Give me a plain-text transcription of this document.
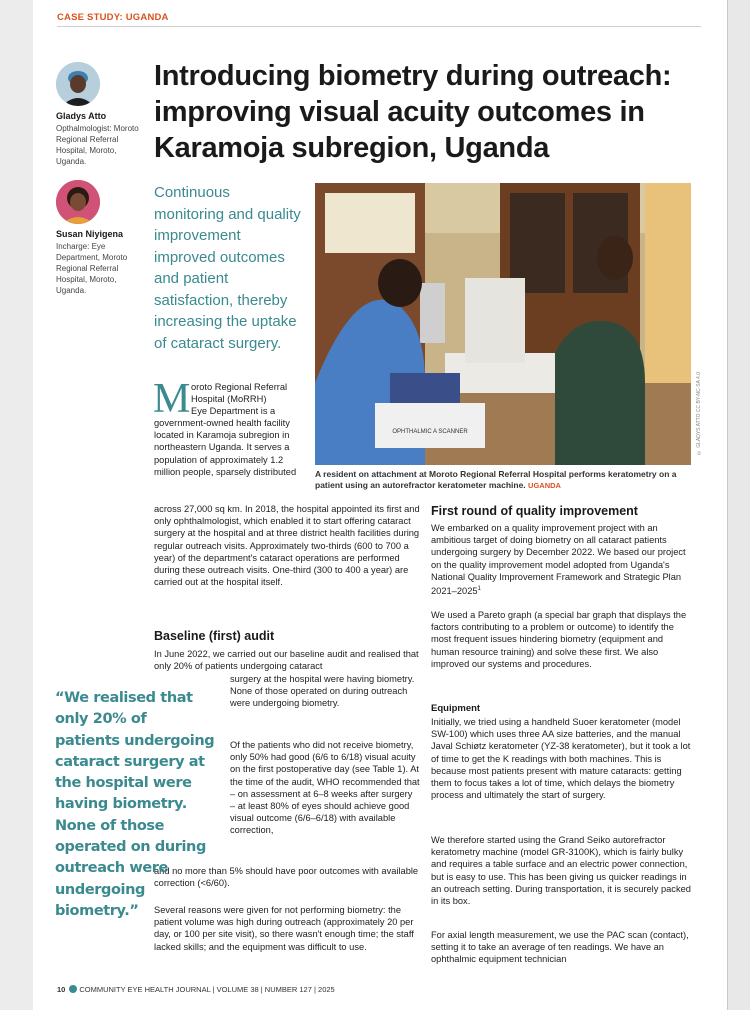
CASE STUDY: UGANDA
Introducing biometry during outreach: improving visual acuity outcomes in Karamoja subregion, Uganda
Gladys Atto
Opthalmologist: Moroto Regional Referral Hospital, Moroto, Uganda.
Susan Niyigena
Incharge: Eye Department, Moroto Regional Referral Hospital, Moroto, Uganda.
Continuous monitoring and quality improvement improved outcomes and patient satisfaction, thereby increasing the uptake of cataract surgery.
OPHTHALMIC A SCANNER	© GLADYS ATTO CC BY-NC-SA 4.0
A resident on attachment at Moroto Regional Referral Hospital performs keratometry on a patient using an autorefractor keratometer machine. UGANDA
M oroto Regional Referral
Hospital (MoRRH)
Eye Department is a
government-owned health facility located in Karamoja subregion in northeastern Uganda. It serves a population of approximately 1.2 million people, sparsely distributed
across 27,000 sq km. In 2018, the hospital appointed its first and only ophthalmologist, which enabled it to start offering cataract surgery at the hospital and at three district health facilities during regular outreach visits. Approximately two-thirds (600 to 700 a year) of the department's cataract operations are performed during these outreach visits. One-third (300 to 400 a year) are carried out at the hospital itself.
Baseline (first) audit
In June 2022, we carried out our baseline audit and realised that only 20% of patients undergoing cataract
surgery at the hospital were having biometry. None of those operated on during outreach were undergoing biometry.
Of the patients who did not receive biometry, only 50% had good (6/6 to 6/18) visual acuity on the first postoperative day (see Table 1). At the time of the audit, WHO recommended that – on assessment at 6–8 weeks after surgery – at least 80% of eyes should achieve good visual outcome (6/6–6/18) with available correction,
and no more than 5% should have poor outcomes with available correction (<6/60).
Several reasons were given for not performing biometry: the patient volume was high during outreach (approximately 20 per day, or 100 per site visit), so there wasn't enough time; the staff lacked skills; and the equipment was difficult to use.
“We realised that only 20% of patients undergoing cataract surgery at the hospital were having biometry. None of those operated on during outreach were undergoing biometry.”
First round of quality improvement
We embarked on a quality improvement project with an ambitious target of doing biometry on all cataract patients undergoing surgery by December 2022. We based our project on the quality improvement model adopted from Uganda's National Quality Improvement Framework and Strategic Plan 2021–2025$^1$
We used a Pareto graph (a special bar graph that displays the factors contributing to a problem or outcome) to identify the most frequent issues hindering biometry (equipment and human resource training) and solve these first. We also improved our systems and procedures.
Equipment
Initially, we tried using a handheld Suoer keratometer (model SW-100) which uses three AA size batteries, and the manual Javal Schiøtz keratometer (YZ-38 keratometer), but it took a lot of time to get the K readings with both machines. This is because most patients present with mature cataracts: getting them to focus takes a lot of time, which delays the biometry process and ultimately the start of surgery.
We therefore started using the Grand Seiko autorefractor keratometry machine (model GR-3100K), which is fairly bulky and requires a table surface and an electric power connection, but is easy to use. This has been giving us quicker readings in an outreach setting. During transportation, it is securely packed in its box.
For axial length measurement, we use the PAC scan (contact), setting it to take an average of ten readings. We have an ophthalmic equipment technician
10 COMMUNITY EYE HEALTH JOURNAL | VOLUME 38 | NUMBER 127 | 2025
